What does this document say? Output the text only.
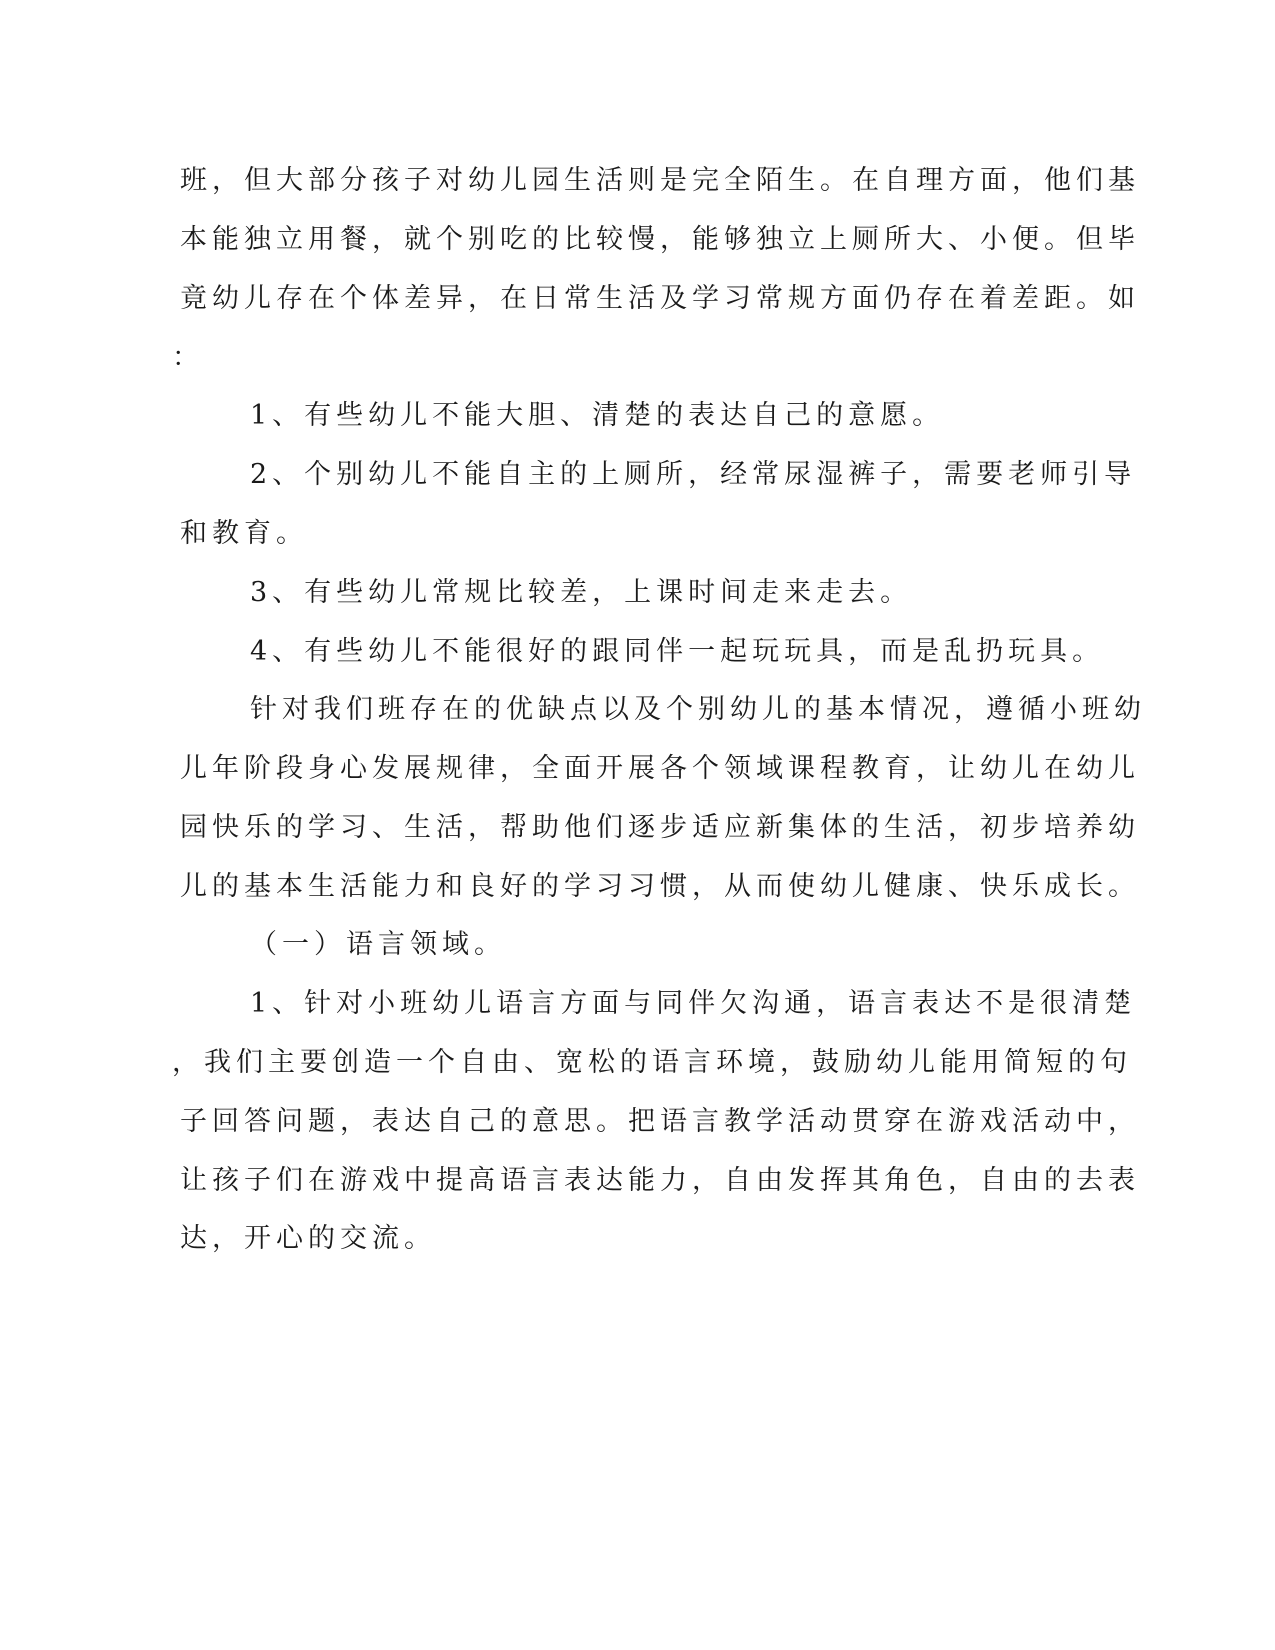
班，但大部分孩子对幼儿园生活则是完全陌生。在自理方面，他们基
本能独立用餐，就个别吃的比较慢，能够独立上厕所大、小便。但毕
竟幼儿存在个体差异，在日常生活及学习常规方面仍存在着差距。如
：
1、有些幼儿不能大胆、清楚的表达自己的意愿。
2、个别幼儿不能自主的上厕所，经常尿湿裤子，需要老师引导
和教育。
3、有些幼儿常规比较差，上课时间走来走去。
4、有些幼儿不能很好的跟同伴一起玩玩具，而是乱扔玩具。
针对我们班存在的优缺点以及个别幼儿的基本情况，遵循小班幼
儿年阶段身心发展规律，全面开展各个领域课程教育，让幼儿在幼儿
园快乐的学习、生活，帮助他们逐步适应新集体的生活，初步培养幼
儿的基本生活能力和良好的学习习惯，从而使幼儿健康、快乐成长。
（一）语言领域。
1、针对小班幼儿语言方面与同伴欠沟通，语言表达不是很清楚
，我们主要创造一个自由、宽松的语言环境，鼓励幼儿能用简短的句
子回答问题，表达自己的意思。把语言教学活动贯穿在游戏活动中，
让孩子们在游戏中提高语言表达能力，自由发挥其角色，自由的去表
达，开心的交流。
